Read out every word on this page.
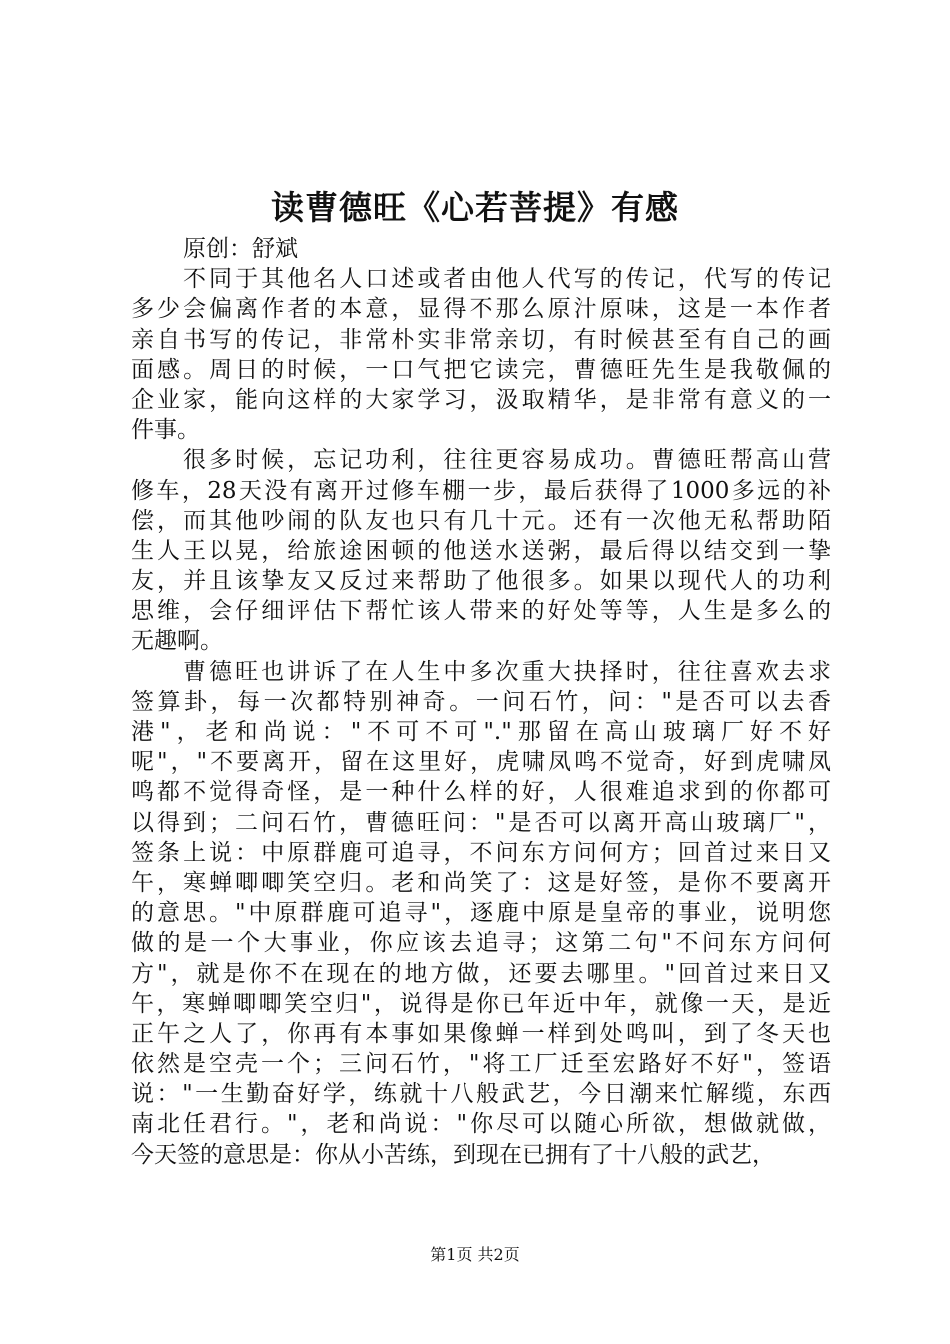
读曹德旺《心若菩提》有感
原创：舒斌
不同于其他名人口述或者由他人代写的传记，代写的传记
多少会偏离作者的本意，显得不那么原汁原味，这是一本作者
亲自书写的传记，非常朴实非常亲切，有时候甚至有自己的画
面感。周日的时候，一口气把它读完，曹德旺先生是我敬佩的
企业家，能向这样的大家学习，汲取精华，是非常有意义的一
件事。
很多时候，忘记功利，往往更容易成功。曹德旺帮高山营
修车，28天没有离开过修车棚一步，最后获得了1000多远的补
偿，而其他吵闹的队友也只有几十元。还有一次他无私帮助陌
生人王以晃，给旅途困顿的他送水送粥，最后得以结交到一挚
友，并且该挚友又反过来帮助了他很多。如果以现代人的功利
思维，会仔细评估下帮忙该人带来的好处等等，人生是多么的
无趣啊。
曹德旺也讲诉了在人生中多次重大抉择时，往往喜欢去求
签算卦，每一次都特别神奇。一问石竹，问："是否可以去香
港"，老和尚说："不可不可"."那留在高山玻璃厂好不好
呢"，"不要离开，留在这里好，虎啸凤鸣不觉奇，好到虎啸凤
鸣都不觉得奇怪，是一种什么样的好，人很难追求到的你都可
以得到；二问石竹，曹德旺问："是否可以离开高山玻璃厂"，
签条上说：中原群鹿可追寻，不问东方问何方；回首过来日又
午，寒蝉唧唧笑空归。老和尚笑了：这是好签，是你不要离开
的意思。"中原群鹿可追寻"，逐鹿中原是皇帝的事业，说明您
做的是一个大事业，你应该去追寻；这第二句"不问东方问何
方"，就是你不在现在的地方做，还要去哪里。"回首过来日又
午，寒蝉唧唧笑空归"，说得是你已年近中年，就像一天，是近
正午之人了，你再有本事如果像蝉一样到处鸣叫，到了冬天也
依然是空壳一个；三问石竹，"将工厂迁至宏路好不好"，签语
说："一生勤奋好学，练就十八般武艺，今日潮来忙解缆，东西
南北任君行。"，老和尚说："你尽可以随心所欲，想做就做，
今天签的意思是：你从小苦练，到现在已拥有了十八般的武艺，
第1页 共2页
